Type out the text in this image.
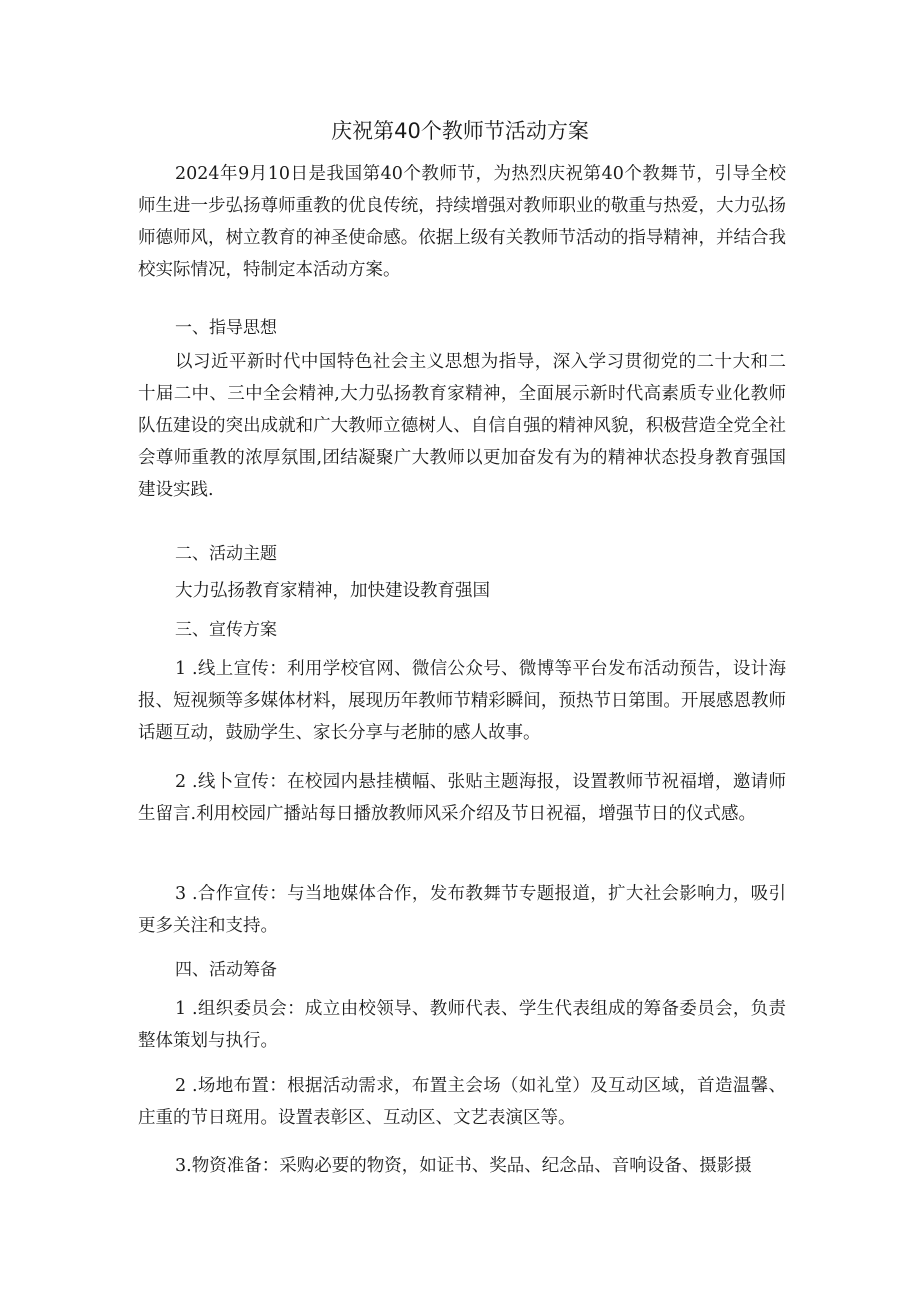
庆祝第40个教师节活动方案

2024年9月10日是我国第40个教师节，为热烈庆祝第40个教舞节，引导全校师生进一步弘扬尊师重教的优良传统，持续增强对教师职业的敬重与热爱，大力弘扬师德师风，树立教育的神圣使命感。依据上级有关教师节活动的指导精神，并结合我校实际情况，特制定本活动方案。

一、指导思想

以习近平新时代中国特色社会主义思想为指导，深入学习贯彻党的二十大和二十届二中、三中全会精神,大力弘扬教育家精神，全面展示新时代高素质专业化教师队伍建设的突出成就和广大教师立德树人、自信自强的精神风貌，积极营造全党全社会尊师重教的浓厚氛围,团结凝聚广大教师以更加奋发有为的精神状态投身教育强国建设实践.

二、活动主题
大力弘扬教育家精神，加快建设教育强国
三、宣传方案

1 .线上宣传：利用学校官网、微信公众号、微博等平台发布活动预告，设计海报、短视频等多媒体材料，展现历年教师节精彩瞬间，预热节日第围。开展感恩教师话题互动，鼓励学生、家长分享与老肺的感人故事。

2 .线卜宣传：在校园内悬挂横幅、张贴主题海报，设置教师节祝福增，邀请师生留言.利用校园广播站每日播放教师风采介绍及节日祝福，增强节日的仪式感。

3 .合作宣传：与当地媒体合作，发布教舞节专题报道，扩大社会影响力，吸引更多关注和支持。

四、活动筹备

1 .组织委员会：成立由校领导、教师代表、学生代表组成的筹备委员会，负责整体策划与执行。

2 .场地布置：根据活动需求，布置主会场（如礼堂）及互动区域，首造温馨、庄重的节日斑用。设置表彰区、互动区、文艺表演区等。

3.物资准备：采购必要的物资，如证书、奖品、纪念品、音响设备、摄影摄
